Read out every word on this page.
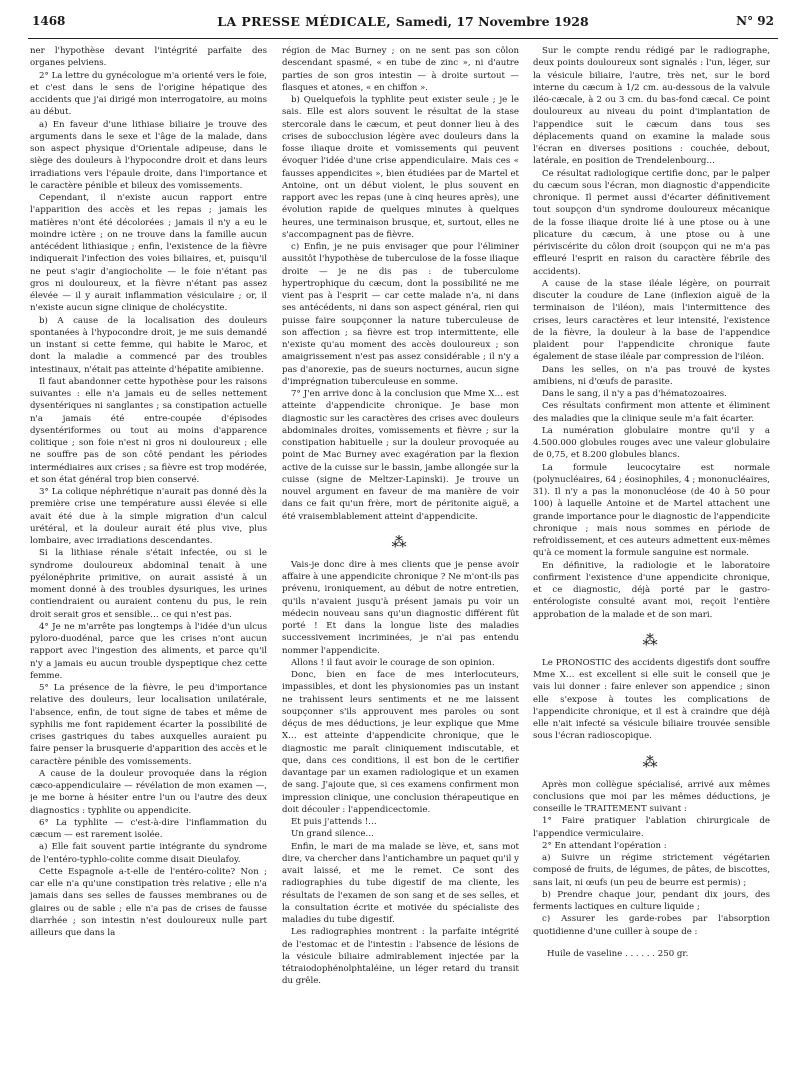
1468	LA PRESSE MÉDICALE, Samedi, 17 Novembre 1928	N° 92

ner l'hypothèse devant l'intégrité parfaite des organes pelviens.

2° La lettre du gynécologue m'a orienté vers le foie, et c'est dans le sens de l'origine hépatique des accidents que j'ai dirigé mon interrogatoire, au moins au début.

a) En faveur d'une lithiase biliaire je trouve des arguments dans le sexe et l'âge de la malade, dans son aspect physique d'Orientale adipeuse, dans le siège des douleurs à l'hypocondre droit et dans leurs irradiations vers l'épaule droite, dans l'importance et le caractère pénible et bileux des vomissements.

Cependant, il n'existe aucun rapport entre l'apparition des accès et les repas ; jamais les matières n'ont été décolorées ; jamais il n'y a eu le moindre ictère ; on ne trouve dans la famille aucun antécédent lithiasique ; enfin, l'existence de la fièvre indiquerait l'infection des voies biliaires, et, puisqu'il ne peut s'agir d'angiocholite — le foie n'étant pas gros ni douloureux, et la fièvre n'étant pas assez élevée — il y aurait inflammation vésiculaire ; or, il n'existe aucun signe clinique de cholécystite.

b) A cause de la localisation des douleurs spontanées à l'hypocondre droit, je me suis demandé un instant si cette femme, qui habite le Maroc, et dont la maladie a commencé par des troubles intestinaux, n'était pas atteinte d'hépatite amibienne.

Il faut abandonner cette hypothèse pour les raisons suivantes : elle n'a jamais eu de selles nettement dysentériques ni sanglantes ; sa constipation actuelle n'a jamais été entre-coupée d'épisodes dysentériformes ou tout au moins d'apparence colitique ; son foie n'est ni gros ni douloureux ; elle ne souffre pas de son côté pendant les périodes intermédiaires aux crises ; sa fièvre est trop modérée, et son état général trop bien conservé.

3° La colique néphrétique n'aurait pas donné dès la première crise une température aussi élevée si elle avait été due à la simple migration d'un calcul urétéral, et la douleur aurait été plus vive, plus lombaire, avec irradiations descendantes.

Si la lithiase rénale s'était infectée, ou si le syndrome douloureux abdominal tenait à une pyélonéphrite primitive, on aurait assisté à un moment donné à des troubles dysuriques, les urines contiendraient ou auraient contenu du pus, le rein droit serait gros et sensible… ce qui n'est pas.

4° Je ne m'arrête pas longtemps à l'idée d'un ulcus pyloro-duodénal, parce que les crises n'ont aucun rapport avec l'ingestion des aliments, et parce qu'il n'y a jamais eu aucun trouble dyspeptique chez cette femme.

5° La présence de la fièvre, le peu d'importance relative des douleurs, leur localisation unilatérale, l'absence, enfin, de tout signe de tabes et même de syphilis me font rapidement écarter la possibilité de crises gastriques du tabes auxquelles auraient pu faire penser la brusquerie d'apparition des accès et le caractère pénible des vomissements.

A cause de la douleur provoquée dans la région cæco-appendiculaire — révélation de mon examen —, je me borne à hésiter entre l'un ou l'autre des deux diagnostics : typhlite ou appendicite.

6° La typhlite — c'est-à-dire l'inflammation du cæcum — est rarement isolée.

a) Elle fait souvent partie intégrante du syndrome de l'entéro-typhlo-colite comme disait Dieulafoy.

Cette Espagnole a-t-elle de l'entéro-colite? Non ; car elle n'a qu'une constipation très relative ; elle n'a jamais dans ses selles de fausses membranes ou de glaires ou de sable ; elle n'a pas de crises de fausse diarrhée ; son intestin n'est douloureux nulle part ailleurs que dans la

région de Mac Burney ; on ne sent pas son côlon descendant spasmé, « en tube de zinc », ni d'autre parties de son gros intestin — à droite surtout — flasques et atones, « en chiffon ».

b) Quelquefois la typhlite peut exister seule ; je le sais. Elle est alors souvent le résultat de la stase stercorale dans le cæcum, et peut donner lieu à des crises de subocclusion légère avec douleurs dans la fosse iliaque droite et vomissements qui peuvent évoquer l'idée d'une crise appendiculaire. Mais ces « fausses appendicites », bien étudiées par de Martel et Antoine, ont un début violent, le plus souvent en rapport avec les repas (une à cinq heures après), une évolution rapide de quelques minutes à quelques heures, une terminaison brusque, et, surtout, elles ne s'accompagnent pas de fièvre.

c) Enfin, je ne puis envisager que pour l'éliminer aussitôt l'hypothèse de tuberculose de la fosse iliaque droite — je ne dis pas : de tuberculome hypertrophique du cæcum, dont la possibilité ne me vient pas à l'esprit — car cette malade n'a, ni dans ses antécédents, ni dans son aspect général, rien qui puisse faire soupçonner la nature tuberculeuse de son affection ; sa fièvre est trop intermittente, elle n'existe qu'au moment des accès douloureux ; son amaigrissement n'est pas assez considérable ; il n'y a pas d'anorexie, pas de sueurs nocturnes, aucun signe d'imprégnation tuberculeuse en somme.

7° J'en arrive donc à la conclusion que Mme X… est atteinte d'appendicite chronique. Je base mon diagnostic sur les caractères des crises avec douleurs abdominales droites, vomissements et fièvre ; sur la constipation habituelle ; sur la douleur provoquée au point de Mac Burney avec exagération par la flexion active de la cuisse sur le bassin, jambe allongée sur la cuisse (signe de Meltzer-Lapinski). Je trouve un nouvel argument en faveur de ma manière de voir dans ce fait qu'un frère, mort de péritonite aiguë, a été vraisemblablement atteint d'appendicite.

⁂

Vais-je donc dire à mes clients que je pense avoir affaire à une appendicite chronique ? Ne m'ont-ils pas prévenu, ironiquement, au début de notre entretien, qu'ils n'avaient jusqu'à présent jamais pu voir un médecin nouveau sans qu'un diagnostic différent fût porté ! Et dans la longue liste des maladies successivement incriminées, je n'ai pas entendu nommer l'appendicite.

Allons ! il faut avoir le courage de son opinion.

Donc, bien en face de mes interlocuteurs, impassibles, et dont les physionomies pas un instant ne trahissent leurs sentiments et ne me laissent soupçonner s'ils approuvent mes paroles ou sont déçus de mes déductions, je leur explique que Mme X… est atteinte d'appendicite chronique, que le diagnostic me paraît cliniquement indiscutable, et que, dans ces conditions, il est bon de le certifier davantage par un examen radiologique et un examen de sang. J'ajoute que, si ces examens confirment mon impression clinique, une conclusion thérapeutique en doit découler : l'appendicectomie.

Et puis j'attends !…

Un grand silence…

Enfin, le mari de ma malade se lève, et, sans mot dire, va chercher dans l'antichambre un paquet qu'il y avait laissé, et me le remet. Ce sont des radiographies du tube digestif de ma cliente, les résultats de l'examen de son sang et de ses selles, et la consultation écrite et motivée du spécialiste des maladies du tube digestif.

Les radiographies montrent : la parfaite intégrité de l'estomac et de l'intestin : l'absence de lésions de la vésicule biliaire admirablement injectée par la tétraiodophénolphtaléine, un léger retard du transit du grêle.

Sur le compte rendu rédigé par le radiographe, deux points douloureux sont signalés : l'un, léger, sur la vésicule biliaire, l'autre, très net, sur le bord interne du cæcum à 1/2 cm. au-dessous de la valvule iléo-cæcale, à 2 ou 3 cm. du bas-fond cæcal. Ce point douloureux au niveau du point d'implantation de l'appendice suit le cæcum dans tous ses déplacements quand on examine la malade sous l'écran en diverses positions : couchée, debout, latérale, en position de Trendelenbourg…

Ce résultat radiologique certifie donc, par le palper du cæcum sous l'écran, mon diagnostic d'appendicite chronique. Il permet aussi d'écarter définitivement tout soupçon d'un syndrome douloureux mécanique de la fosse iliaque droite lié à une ptose ou à une plicature du cæcum, à une ptose ou à une périviscérite du côlon droit (soupçon qui ne m'a pas effleuré l'esprit en raison du caractère fébrile des accidents).

A cause de la stase iléale légère, on pourrait discuter la coudure de Lane (inflexion aiguë de la terminaison de l'iléon), mais l'intermittence des crises, leurs caractères et leur intensité, l'existence de la fièvre, la douleur à la base de l'appendice plaident pour l'appendicite chronique faute également de stase iléale par compression de l'iléon.

Dans les selles, on n'a pas trouvé de kystes amibiens, ni d'œufs de parasite.

Dans le sang, il n'y a pas d'hématozoaires.

Ces résultats confirment mon attente et éliminent des maladies que la clinique seule m'a fait écarter.

La numération globulaire montre qu'il y a 4.500.000 globules rouges avec une valeur globulaire de 0,75, et 8.200 globules blancs.

La formule leucocytaire est normale (polynucléaires, 64 ; éosinophiles, 4 ; mononucléaires, 31). Il n'y a pas la mononucléose (de 40 à 50 pour 100) à laquelle Antoine et de Martel attachent une grande importance pour le diagnostic de l'appendicite chronique ; mais nous sommes en période de refroidissement, et ces auteurs admettent eux-mêmes qu'à ce moment la formule sanguine est normale.

En définitive, la radiologie et le laboratoire confirment l'existence d'une appendicite chronique, et ce diagnostic, déjà porté par le gastro-entérologiste consulté avant moi, reçoit l'entière approbation de la malade et de son mari.

⁂

Le PRONOSTIC des accidents digestifs dont souffre Mme X… est excellent si elle suit le conseil que je vais lui donner : faire enlever son appendice ; sinon elle s'expose à toutes les complications de l'appendicite chronique, et il est à craindre que déjà elle n'ait infecté sa vésicule biliaire trouvée sensible sous l'écran radioscopique.

⁂

Après mon collègue spécialisé, arrivé aux mêmes conclusions que moi par les mêmes déductions, je conseille le TRAITEMENT suivant :

1° Faire pratiquer l'ablation chirurgicale de l'appendice vermiculaire.

2° En attendant l'opération :

a) Suivre un régime strictement végétarien composé de fruits, de légumes, de pâtes, de biscottes, sans lait, ni œufs (un peu de beurre est permis) ;

b) Prendre chaque jour, pendant dix jours, des ferments lactiques en culture liquide ;

c) Assurer les garde-robes par l'absorption quotidienne d'une cuiller à soupe de :

Huile de vaseline . . . . . . 250 gr.
